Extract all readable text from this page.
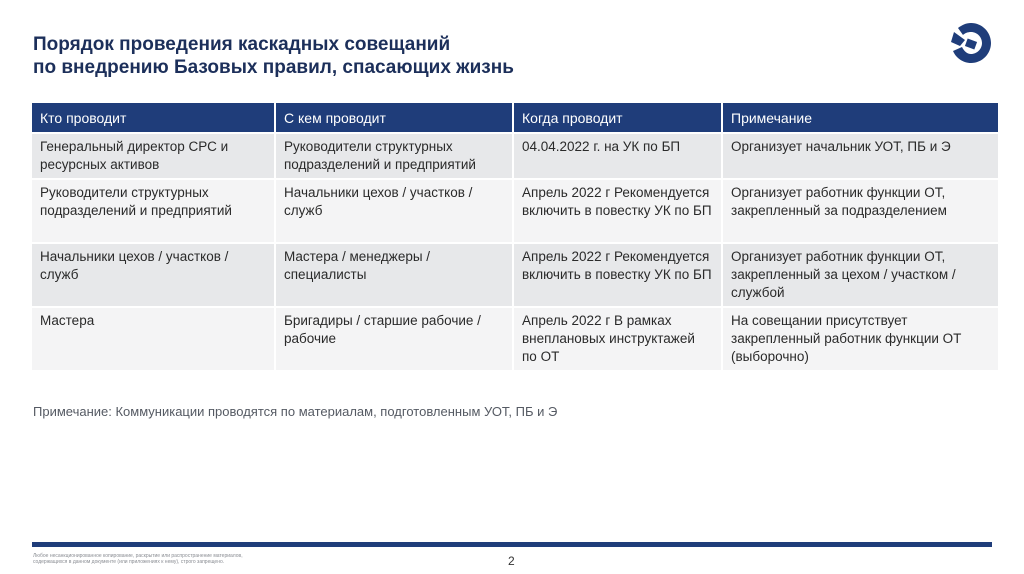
Порядок проведения каскадных совещаний
по внедрению Базовых правил, спасающих жизнь
Кто проводит	С кем проводит	Когда проводит	Примечание
Генеральный директор СРС и ресурсных активов	Руководители структурных подразделений и предприятий	04.04.2022 г. на УК по БП	Организует начальник УОТ, ПБ и Э
Руководители структурных подразделений и предприятий	Начальники цехов / участков / служб	Апрель 2022 г Рекомендуется включить в повестку УК по БП	Организует работник функции ОТ, закрепленный за подразделением
Начальники цехов / участков / служб	Мастера / менеджеры / специалисты	Апрель 2022 г Рекомендуется включить в повестку УК по БП	Организует работник функции ОТ, закрепленный за цехом / участком / службой
Мастера	Бригадиры / старшие рабочие / рабочие	Апрель 2022 г В рамках внеплановых инструктажей по ОТ	На совещании присутствует закрепленный работник функции ОТ (выборочно)
Примечание: Коммуникации проводятся по материалам, подготовленным УОТ, ПБ и Э
Любое несанкционированное копирование, раскрытие или распространение материалов, содержащихся в данном документе (или приложениях к нему), строго запрещено.	2
